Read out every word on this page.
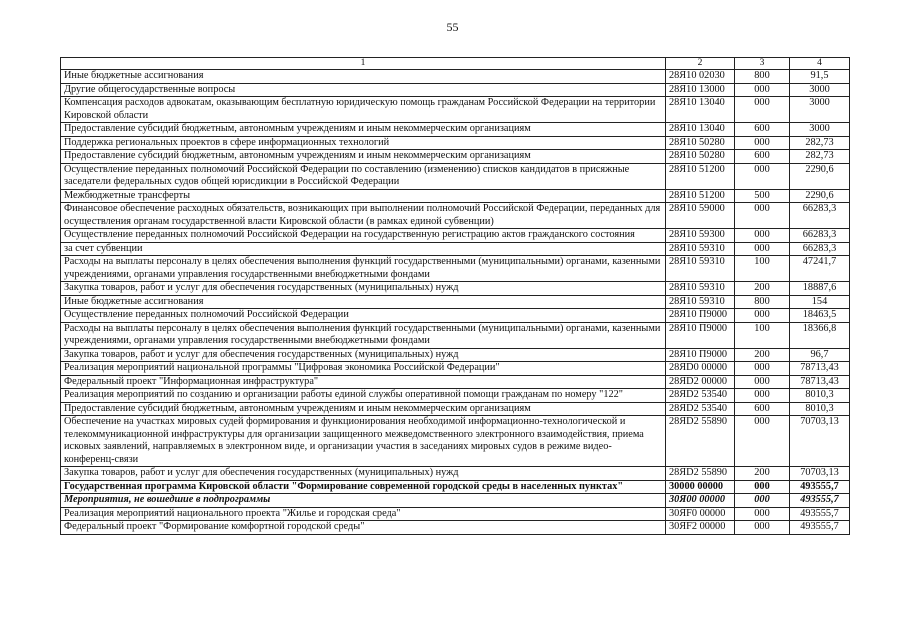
55
1	2	3	4
Иные бюджетные ассигнования	28Я10 02030	800	91,5
Другие общегосударственные вопросы	28Я10 13000	000	3000
Компенсация расходов адвокатам, оказывающим бесплатную юридическую помощь гражданам Российской Федерации на территории Кировской области	28Я10 13040	000	3000
Предоставление субсидий бюджетным, автономным учреждениям и иным некоммерческим организациям	28Я10 13040	600	3000
Поддержка региональных проектов в сфере информационных технологий	28Я10 50280	000	282,73
Предоставление субсидий бюджетным, автономным учреждениям и иным некоммерческим организациям	28Я10 50280	600	282,73
Осуществление переданных полномочий Российской Федерации по составлению (изменению) списков кандидатов в присяжные заседатели федеральных судов общей юрисдикции в Российской Федерации	28Я10 51200	000	2290,6
Межбюджетные трансферты	28Я10 51200	500	2290,6
Финансовое обеспечение расходных обязательств, возникающих при выполнении полномочий Российской Федерации, переданных для осуществления органам государственной власти Кировской области (в рамках единой субвенции)	28Я10 59000	000	66283,3
Осуществление переданных полномочий Российской Федерации на государственную регистрацию актов гражданского состояния	28Я10 59300	000	66283,3
за счет субвенции	28Я10 59310	000	66283,3
Расходы на выплаты персоналу в целях обеспечения выполнения функций государственными (муниципальными) органами, казенными учреждениями, органами управления государственными внебюджетными фондами	28Я10 59310	100	47241,7
Закупка товаров, работ и услуг для обеспечения государственных (муниципальных) нужд	28Я10 59310	200	18887,6
Иные бюджетные ассигнования	28Я10 59310	800	154
Осуществление переданных полномочий Российской Федерации	28Я10 П9000	000	18463,5
Расходы на выплаты персоналу в целях обеспечения выполнения функций государственными (муниципальными) органами, казенными учреждениями, органами управления государственными внебюджетными фондами	28Я10 П9000	100	18366,8
Закупка товаров, работ и услуг для обеспечения государственных (муниципальных) нужд	28Я10 П9000	200	96,7
Реализация мероприятий национальной программы "Цифровая экономика Российской Федерации"	28ЯD0 00000	000	78713,43
Федеральный проект "Информационная инфраструктура"	28ЯD2 00000	000	78713,43
Реализация мероприятий по созданию и организации работы единой службы оперативной помощи гражданам по номеру "122"	28ЯD2 53540	000	8010,3
Предоставление субсидий бюджетным, автономным учреждениям и иным некоммерческим организациям	28ЯD2 53540	600	8010,3
Обеспечение на участках мировых судей формирования и функционирования необходимой информационно-технологической и телекоммуникационной инфраструктуры для организации защищенного межведомственного электронного взаимодействия, приема исковых заявлений, направляемых в электронном виде, и организации участия в заседаниях мировых судов в режиме видео-конференц-связи	28ЯD2 55890	000	70703,13
Закупка товаров, работ и услуг для обеспечения государственных (муниципальных) нужд	28ЯD2 55890	200	70703,13
Государственная программа Кировской области "Формирование современной городской среды в населенных пунктах"	30000 00000	000	493555,7
Мероприятия, не вошедшие в подпрограммы	30Я00 00000	000	493555,7
Реализация мероприятий национального проекта "Жилье и городская среда"	30ЯF0 00000	000	493555,7
Федеральный проект "Формирование комфортной городской среды"	30ЯF2 00000	000	493555,7
